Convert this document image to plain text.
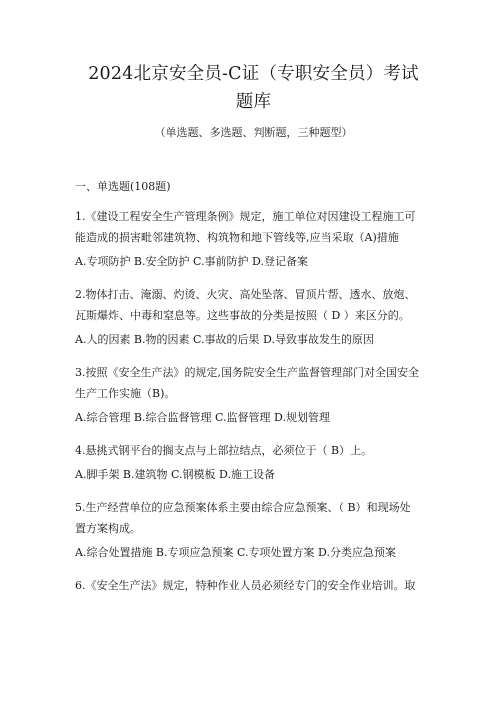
2024北京安全员-C证（专职安全员）考试
题库
（单选题、多选题、判断题，三种题型）
一、单选题(108题)

1.《建设工程安全生产管理条例》规定，施工单位对因建设工程施工可

能造成的损害毗邻建筑物、构筑物和地下管线等,应当采取（A)措施

A.专项防护 B.安全防护 C.事前防护 D.登记备案

2.物体打击、淹溺、灼烫、火灾、高处坠落、冒顶片帮、透水、放炮、

瓦斯爆炸、中毒和窒息等。这些事故的分类是按照（ D ）来区分的。

A.人的因素 B.物的因素 C.事故的后果 D.导致事故发生的原因

3.按照《安全生产法》的规定,国务院安全生产监督管理部门对全国安全

生产工作实施（B)。

A.综合管理 B.综合监督管理 C.监督管理 D.规划管理

4.悬挑式钢平台的搁支点与上部拉结点，必须位于（ B）上。

A.脚手架 B.建筑物 C.钢模板 D.施工设备

5.生产经营单位的应急预案体系主要由综合应急预案、（ B）和现场处

置方案构成。

A.综合处置措施 B.专项应急预案 C.专项处置方案 D.分类应急预案

6.《安全生产法》规定，特种作业人员必须经专门的安全作业培训。取
